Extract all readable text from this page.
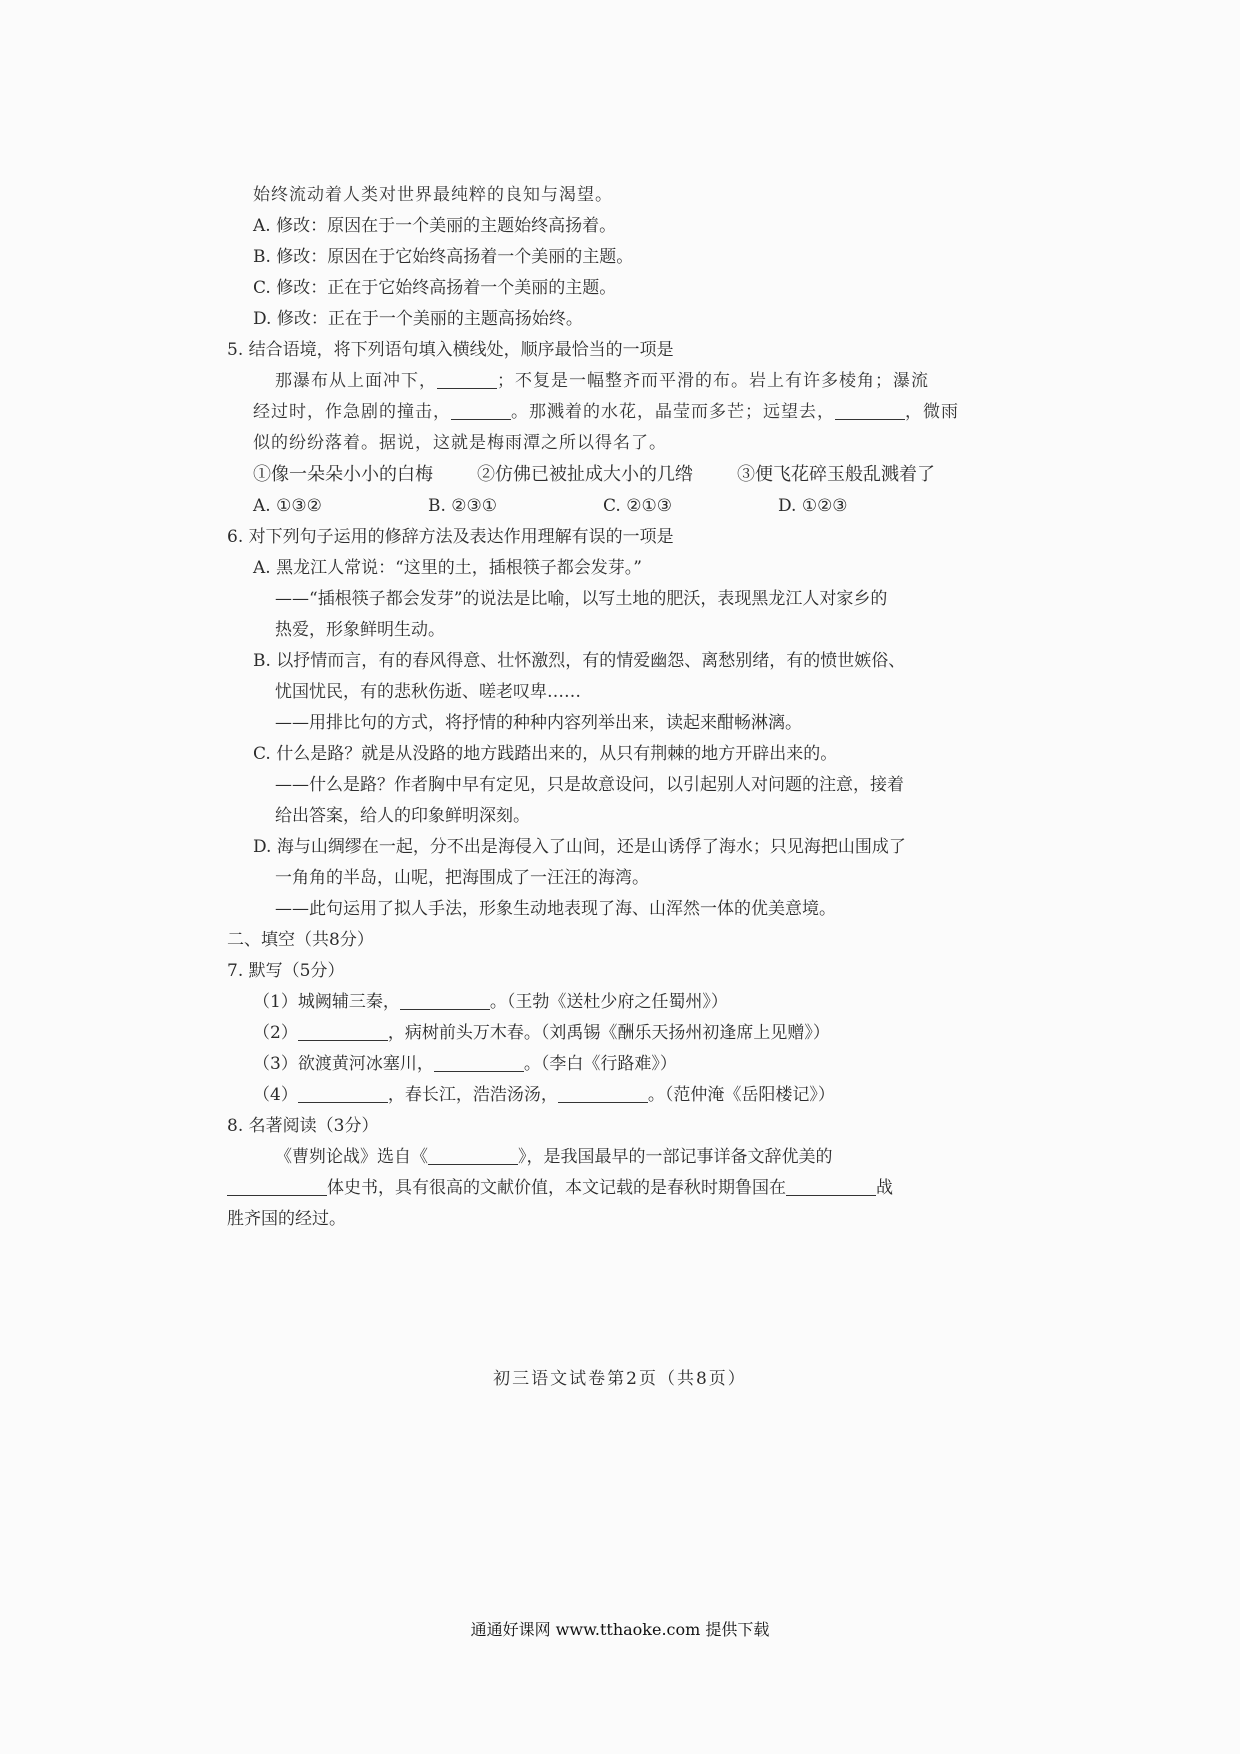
始终流动着人类对世界最纯粹的良知与渴望。
A. 修改：原因在于一个美丽的主题始终高扬着。
B. 修改：原因在于它始终高扬着一个美丽的主题。
C. 修改：正在于它始终高扬着一个美丽的主题。
D. 修改：正在于一个美丽的主题高扬始终。
5. 结合语境，将下列语句填入横线处，顺序最恰当的一项是
那瀑布从上面冲下，	；不复是一幅整齐而平滑的布。岩上有许多棱角；瀑流
经过时，作急剧的撞击，	。那溅着的水花，晶莹而多芒；远望去，	，微雨
似的纷纷落着。据说，这就是梅雨潭之所以得名了。
①像一朵朵小小的白梅 ②仿佛已被扯成大小的几绺 ③便飞花碎玉般乱溅着了
A. ①③②	B. ②③①	C. ②①③	D. ①②③
6. 对下列句子运用的修辞方法及表达作用理解有误的一项是
A. 黑龙江人常说：“这里的土，插根筷子都会发芽。”
——“插根筷子都会发芽”的说法是比喻，以写土地的肥沃，表现黑龙江人对家乡的
热爱，形象鲜明生动。
B. 以抒情而言，有的春风得意、壮怀激烈，有的情爱幽怨、离愁别绪，有的愤世嫉俗、
忧国忧民，有的悲秋伤逝、嗟老叹卑……
——用排比句的方式，将抒情的种种内容列举出来，读起来酣畅淋漓。
C. 什么是路？就是从没路的地方践踏出来的，从只有荆棘的地方开辟出来的。
——什么是路？作者胸中早有定见，只是故意设问，以引起别人对问题的注意，接着
给出答案，给人的印象鲜明深刻。
D. 海与山绸缪在一起，分不出是海侵入了山间，还是山诱俘了海水；只见海把山围成了
一角角的半岛，山呢，把海围成了一汪汪的海湾。
——此句运用了拟人手法，形象生动地表现了海、山浑然一体的优美意境。
二、填空（共8分）
7. 默写（5分）
（1）城阙辅三秦，	。（王勃《送杜少府之任蜀州》）
（2）	，病树前头万木春。（刘禹锡《酬乐天扬州初逢席上见赠》）
（3）欲渡黄河冰塞川，	。（李白《行路难》）
（4）	，春长江，浩浩汤汤，	。（范仲淹《岳阳楼记》）
8. 名著阅读（3分）
《曹刿论战》选自《	》，是我国最早的一部记事详备文辞优美的
体史书，具有很高的文献价值，本文记载的是春秋时期鲁国在	战
胜齐国的经过。
初三语文试卷第2页（共8页）
通通好课网 www.tthaoke.com 提供下载
